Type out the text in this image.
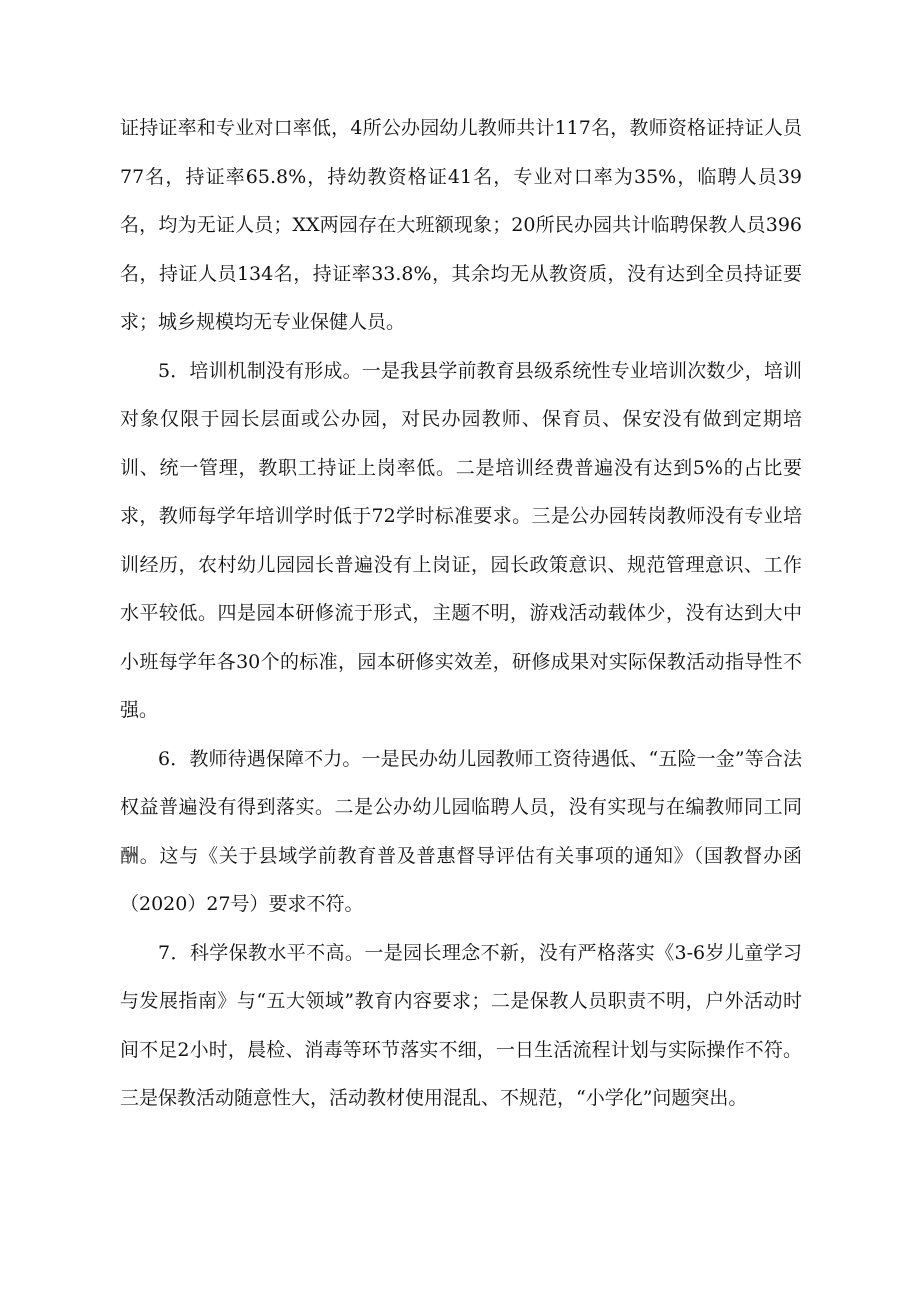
证持证率和专业对口率低，4所公办园幼儿教师共计117名，教师资格证持证人员77名，持证率65.8%，持幼教资格证41名，专业对口率为35%，临聘人员39名，均为无证人员；XX两园存在大班额现象；20所民办园共计临聘保教人员396名，持证人员134名，持证率33.8%，其余均无从教资质，没有达到全员持证要求；城乡规模均无专业保健人员。

5．培训机制没有形成。一是我县学前教育县级系统性专业培训次数少，培训对象仅限于园长层面或公办园，对民办园教师、保育员、保安没有做到定期培训、统一管理，教职工持证上岗率低。二是培训经费普遍没有达到5%的占比要求，教师每学年培训学时低于72学时标准要求。三是公办园转岗教师没有专业培训经历，农村幼儿园园长普遍没有上岗证，园长政策意识、规范管理意识、工作水平较低。四是园本研修流于形式，主题不明，游戏活动载体少，没有达到大中小班每学年各30个的标准，园本研修实效差，研修成果对实际保教活动指导性不强。

6．教师待遇保障不力。一是民办幼儿园教师工资待遇低、“五险一金”等合法权益普遍没有得到落实。二是公办幼儿园临聘人员，没有实现与在编教师同工同酬。这与《关于县域学前教育普及普惠督导评估有关事项的通知》（国教督办函（2020）27号）要求不符。

7．科学保教水平不高。一是园长理念不新，没有严格落实《3-6岁儿童学习与发展指南》与“五大领域”教育内容要求；二是保教人员职责不明，户外活动时间不足2小时，晨检、消毒等环节落实不细，一日生活流程计划与实际操作不符。三是保教活动随意性大，活动教材使用混乱、不规范，“小学化”问题突出。
